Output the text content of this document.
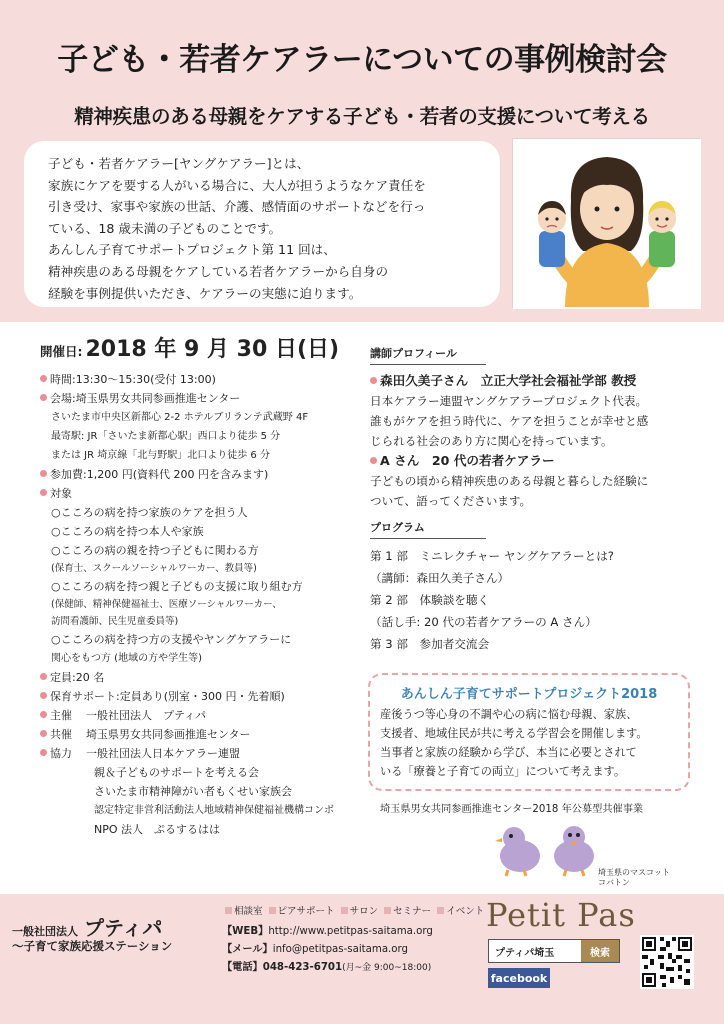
子ども・若者ケアラーについての事例検討会
精神疾患のある母親をケアする子ども・若者の支援について考える

子ども・若者ケアラー[ヤングケアラー]とは、

家族にケアを要する人がいる場合に、大人が担うようなケア責任を

引き受け、家事や家族の世話、介護、感情面のサポートなどを行っ

ている、18 歳未満の子どものことです。

あんしん子育てサポートプロジェクト第 11 回は、

精神疾患のある母親をケアしている若者ケアラーから自身の

経験を事例提供いただき、ケアラーの実態に迫ります。

開催日: 2018 年 9 月 30 日(日)
時間:13:30～15:30(受付 13:00)
会場:埼玉県男女共同参画推進センター
さいたま市中央区新都心 2-2 ホテルブリランテ武蔵野 4F
最寄駅: JR「さいたま新都心駅」西口より徒歩 5 分
または JR 埼京線「北与野駅」北口より徒歩 6 分
参加費:1,200 円(資料代 200 円を含みます)
対象
○こころの病を持つ家族のケアを担う人
○こころの病を持つ本人や家族
○こころの病の親を持つ子どもに関わる方
(保育士、スクールソーシャルワーカー、教員等)
○こころの病を持つ親と子どもの支援に取り組む方
(保健師、精神保健福祉士、医療ソーシャルワーカー、
訪問看護師、民生児童委員等)
○こころの病を持つ方の支援やヤングケアラーに
関心をもつ方 (地域の方や学生等)
定員:20 名
保育サポート:定員あり(別室・300 円・先着順)
主催 一般社団法人　プティパ
共催 埼玉県男女共同参画推進センター
協力 一般社団法人日本ケアラー連盟
親＆子どものサポートを考える会
さいたま市精神障がい者もくせい家族会
認定特定非営利活動法人地域精神保健福祉機構コンボ
NPO 法人　ぷるするはは
講師プロフィール
森田久美子さん　立正大学社会福祉学部 教授
日本ケアラー連盟ヤングケアラープロジェクト代表。
誰もがケアを担う時代に、ケアを担うことが幸せと感
じられる社会のあり方に関心を持っています。
A さん　20 代の若者ケアラー
子どもの頃から精神疾患のある母親と暮らした経験に
ついて、語ってくださいます。
プログラム
第 1 部　ミニレクチャー ヤングケアラーとは?
（講師：森田久美子さん）
第 2 部　体験談を聴く
（話し手: 20 代の若者ケアラーの A さん）
第 3 部　参加者交流会
あんしん子育てサポートプロジェクト2018

産後うつ等心身の不調や心の病に悩む母親、家族、

支援者、地域住民が共に考える学習会を開催します。

当事者と家族の経験から学び、本当に必要とされて

いる「療養と子育ての両立」について考えます。

埼玉県男女共同参画推進センター2018 年公募型共催事業
埼玉県のマスコット
コバトン
一般社団法人 プティパ
～子育て家族応援ステーション
相談室 ピアサポート サロン セミナー イベント
【WEB】http://www.petitpas-saitama.org
【メール】info@petitpas-saitama.org
【電話】048-423-6701(月~金 9:00~18:00)
Petit Pas
プティパ埼玉	検索
facebook
